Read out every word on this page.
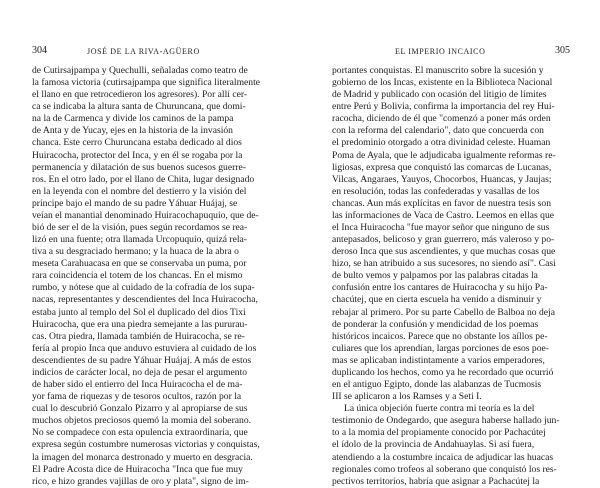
304	JOSÉ DE LA RIVA-AGÜERO
de Cutirsajpampa y Quechulli, señaladas como teatro de
la famosa victoria (cutirsajpampa que significa literalmente
el llano en que retrocedieron los agresores). Por allí cer-
ca se indicaba la altura santa de Churuncana, que domi-
na la de Carmenca y divide los caminos de la pampa
de Anta y de Yucay, ejes en la historia de la invasión
chanca. Este cerro Churuncana estaba dedicado al dios
Huiracocha, protector del Inca, y en él se rogaba por la
permanencia y dilatación de sus buenos sucesos guerre-
ros. En el otro lado, por el llano de Chita, lugar designado
en la leyenda con el nombre del destierro y la visión del
príncipe bajo el mando de su padre Yáhuar Huájaj, se
veían el manantial denominado Huiracochapuquio, que de-
bió de ser el de la visión, pues según recordamos se rea-
lizó en una fuente; otra llamada Urcopuquio, quizá rela-
tiva a su desgraciado hermano; y la huaca de la abra o
meseta Carahuacasa en que se conservaba un puma, por
rara coincidencia el totem de los chancas. En el mismo
rumbo, y nótese que al cuidado de la cofradía de los supa-
nacas, representantes y descendientes del Inca Huiracocha,
estaba junto al templo del Sol el duplicado del dios Tixi
Huiracocha, que era una piedra semejante a las pururau-
cas. Otra piedra, llamada también de Huiracocha, se re-
fería al propio Inca que anduvo estuviera al cuidado de los
descendientes de su padre Yáhuar Huájaj. A más de estos
indicios de carácter local, no deja de pesar el argumento
de haber sido el entierro del Inca Huiracocha el de ma-
yor fama de riquezas y de tesoros ocultos, razón por la
cual lo descubrió Gonzalo Pizarro y al apropiarse de sus
muchos objetos preciosos quemó la momia del soberano.
No se compadece con esta opulencia extraordinaria, que
expresa según costumbre numerosas victorias y conquistas,
la imagen del monarca destronado y muerto en desgracia.
El Padre Acosta dice de Huiracocha "Inca que fue muy
rico, e hizo grandes vajillas de oro y plata", signo de im-
EL IMPERIO INCAICO	305
portantes conquistas. El manuscrito sobre la sucesión y
gobierno de los Incas, existente en la Biblioteca Nacional
de Madrid y publicado con ocasión del litigio de límites
entre Perú y Bolivia, confirma la importancia del rey Hui-
racocha, diciendo de él que "comenzó a poner más orden
con la reforma del calendario", dato que concuerda con
el predominio otorgado a otra divinidad celeste. Huaman
Poma de Ayala, que le adjudicaba igualmente reformas re-
ligiosas, expresa que conquistó las comarcas de Lucanas,
Vilcas, Angaraes, Yauyos, Chocorbos, Huancas, y Jaujas;
en resolución, todas las confederadas y vasallas de los
chancas. Aun más explícitas en favor de nuestra tesis son
las informaciones de Vaca de Castro. Leemos en ellas que
el Inca Huiracocha "fue mayor señor que ninguno de sus
antepasados, belicoso y gran guerrero, más valeroso y po-
deroso Inca que sus ascendientes, y que muchas cosas que
hizo, se han atribuido a sus sucesores, no siendo así". Casi
de bulto vemos y palpamos por las palabras citadas la
confusión entre los cantares de Huiracocha y su hijo Pa-
chacútej, que en cierta escuela ha venido a disminuir y
rebajar al primero. Por su parte Cabello de Balboa no deja
de ponderar la confusión y mendicidad de los poemas
históricos incaicos. Parece que no obstante los aíllos pe-
culiares que los aprendían, largas porciones de esos poe-
mas se aplicaban indistintamente a varios emperadores,
duplicando los hechos, como ya he recordado que ocurrió
en el antiguo Egipto, donde las alabanzas de Tucmosis
III se aplicaron a los Ramses y a Seti I.
La única objeción fuerte contra mi teoría es la del
testimonio de Ondegardo, que asegura haberse hallado jun-
to a la momia del propiamente conocido por Pachacútej
el ídolo de la provincia de Andahuaylas. Si así fuera,
atendiendo a la costumbre incaica de adjudicar las huacas
regionales como trofeos al soberano que conquistó los res-
pectivos territorios, habría que asignar a Pachacútej la
